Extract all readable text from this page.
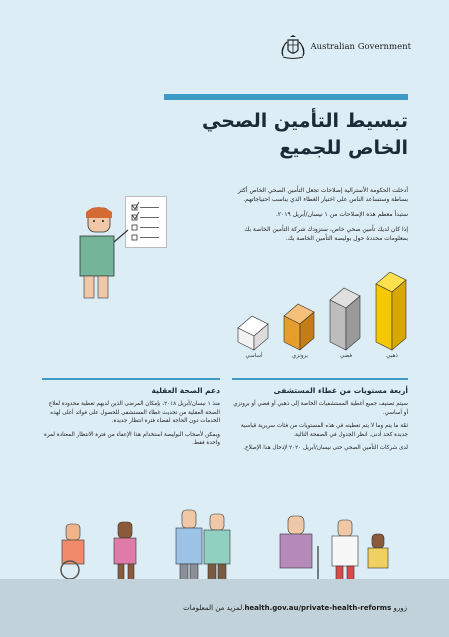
Australian Government
تبسيط التأمين الصحي
الخاص للجميع

أدخلت الحكومة الأسترالية إصلاحات تجعل التأمين الصحي الخاص أكثر بساطة وستساعد الناس على اختيار الغطاء الذي يناسب احتياجاتهم.

ستبدأ معظم هذه الإصلاحات من ١ نيسان/أبريل ٢٠١٩.

إذا كان لديك تأمين صحي خاص، ستزودك شركة التأمين الخاصة بك بمعلومات محددة حول بوليصة التأمين الخاصة بك.

ذهبي
فضي
برونزي
أساسي
أربعة مستويات من غطاء المستشفى

سيتم تصنيف جميع أغطية المستشفيات الخاصة إلى ذهبي أو فضي أو برونزي أو أساسي.

ثمّة ما يتم وما لا يتم تغطيته في هذه المستويات من فئات سريرية قياسية جديدة كحد أدنى. انظر الجدول في الصفحة التالية.

لدى شركات التأمين الصحي حتى نيسان/أبريل ٢٠٢٠ لإدخال هذا الإصلاح.

دعم الصحة العقلية

منذ ١ نيسان/أبريل ٢٠١٨، بإمكان المرضى الذين لديهم تغطية محدودة لعلاج الصحة العقلية من تحديث غطاء المستشفى للحصول على فوائد أعلى لهذه الخدمات دون الحاجة لقضاء فترة انتظار جديدة.

ويمكن لأصحاب البوليصة استخدام هذا الإعفاء من فترة الانتظار المعتادة لمرة واحدة فقط.

لمزيد من المعلومات.health.gov.au/private-health-reforms زورو
